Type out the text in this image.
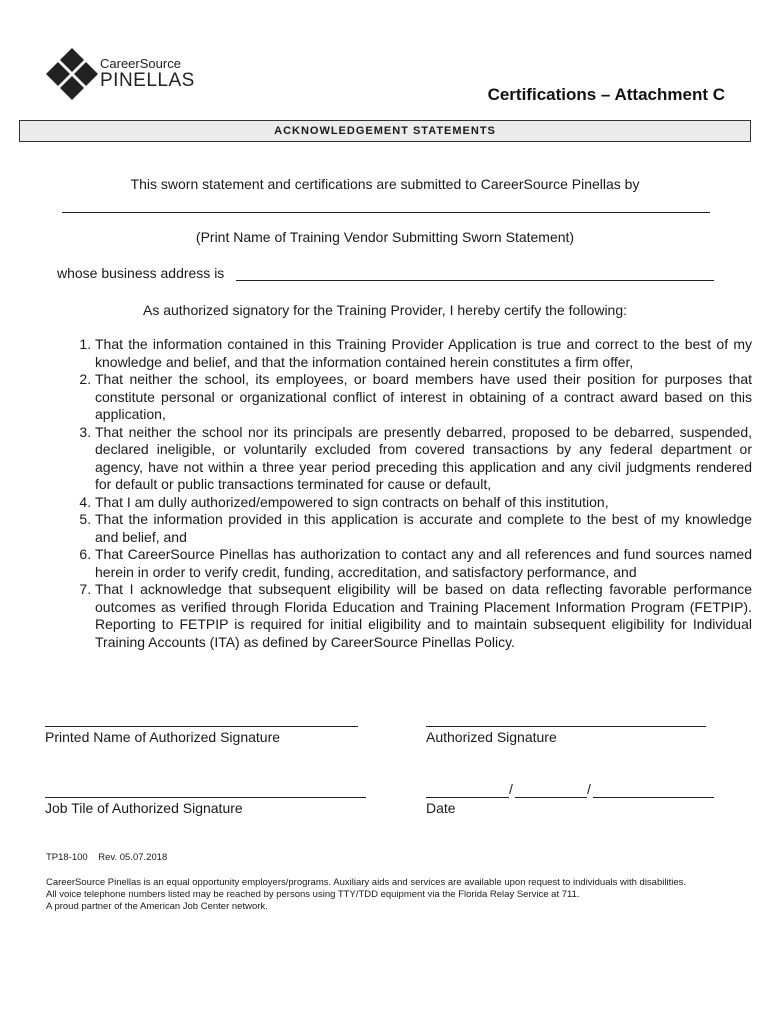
CareerSource
PINELLAS
Certifications – Attachment C
ACKNOWLEDGEMENT STATEMENTS
This sworn statement and certifications are submitted to CareerSource Pinellas by
(Print Name of Training Vendor Submitting Sworn Statement)
whose business address is
As authorized signatory for the Training Provider, I hereby certify the following:
1. That the information contained in this Training Provider Application is true and correct to the best of my knowledge and belief, and that the information contained herein constitutes a firm offer,
2. That neither the school, its employees, or board members have used their position for purposes that constitute personal or organizational conflict of interest in obtaining of a contract award based on this application,
3. That neither the school nor its principals are presently debarred, proposed to be debarred, suspended, declared ineligible, or voluntarily excluded from covered transactions by any federal department or agency, have not within a three year period preceding this application and any civil judgments rendered for default or public transactions terminated for cause or default,
4. That I am dully authorized/empowered to sign contracts on behalf of this institution,
5. That the information provided in this application is accurate and complete to the best of my knowledge and belief, and
6. That CareerSource Pinellas has authorization to contact any and all references and fund sources named herein in order to verify credit, funding, accreditation, and satisfactory performance, and
7. That I acknowledge that subsequent eligibility will be based on data reflecting favorable performance outcomes as verified through Florida Education and Training Placement Information Program (FETPIP). Reporting to FETPIP is required for initial eligibility and to maintain subsequent eligibility for Individual Training Accounts (ITA) as defined by CareerSource Pinellas Policy.
Printed Name of Authorized Signature	Authorized Signature
Job Tile of Authorized Signature
/	/
Date
TP18-100    Rev. 05.07.2018
CareerSource Pinellas is an equal opportunity employers/programs. Auxiliary aids and services are available upon request to individuals with disabilities.
All voice telephone numbers listed may be reached by persons using TTY/TDD equipment via the Florida Relay Service at 711.
A proud partner of the American Job Center network.
